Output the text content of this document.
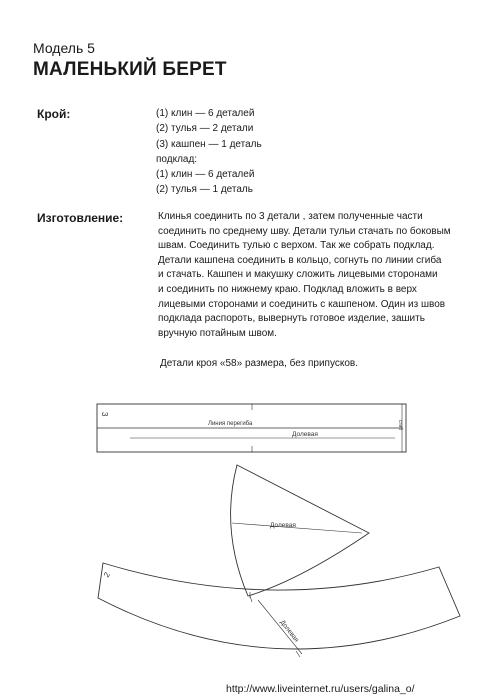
Модель 5
МАЛЕНЬКИЙ БЕРЕТ
Крой:	(1) клин — 6 деталей
(2) тулья — 2 детали
(3) кашпен — 1 деталь
подклад:
(1) клин — 6 деталей
(2) тулья — 1 деталь
Изготовление:	Клинья соединить по 3 детали , затем полученные части
соединить по среднему шву. Детали тульи стачать по боковым
швам. Соединить тулью с верхом. Так же собрать подклад.
Детали кашпена соединить в кольцо, согнуть по линии сгиба
и стачать. Кашпен и макушку сложить лицевыми сторонами
и соединить по нижнему краю. Подклад вложить в верх
лицевыми сторонами и соединить с кашпеном. Один из швов
подклада распороть, вывернуть готовое изделие, зашить
вручную потайным швом.
Детали кроя «58» размера, без припусков.
3
Линия перегиба
Долевая
сгиб
Долевая
2
Долевая
http://www.liveinternet.ru/users/galina_o/
